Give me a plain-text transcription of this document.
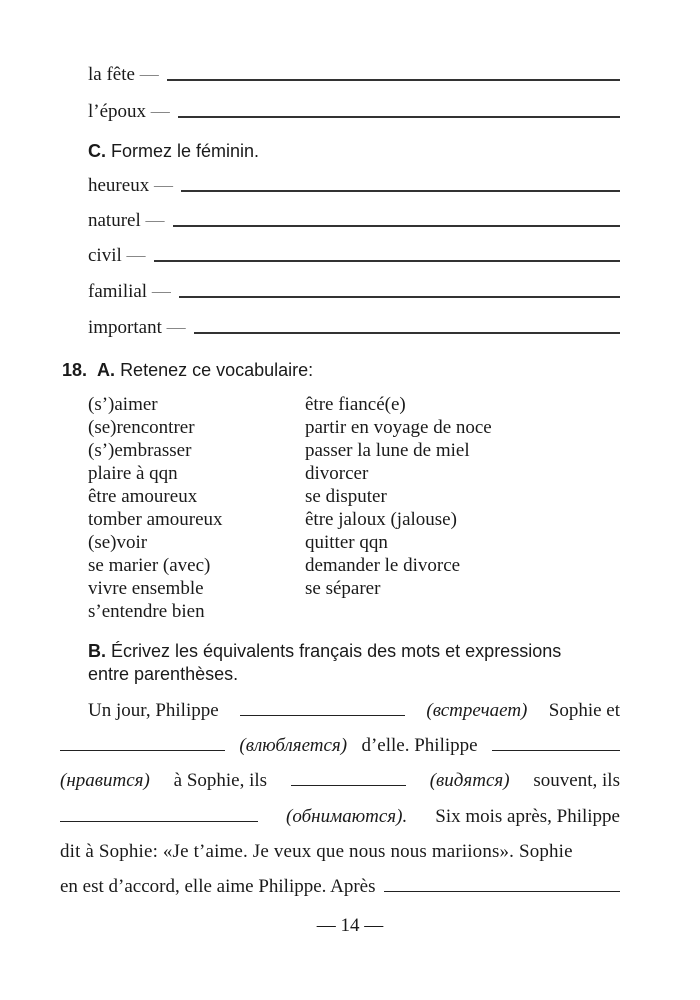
la fête —
l’époux —
C. Formez le féminin.
heureux —
naturel —
civil —
familial —
important —
18. A. Retenez ce vocabulaire:
(s’)aimer
(se)rencontrer
(s’)embrasser
plaire à qqn
être amoureux
tomber amoureux
(se)voir
se marier (avec)
vivre ensemble
s’entendre bien
être fiancé(e)
partir en voyage de noce
passer la lune de miel
divorcer
se disputer
être jaloux (jalouse)
quitter qqn
demander le divorce
se séparer
B. Écrivez les équivalents français des mots et expressions
entre parenthèses.
Un jour, Philippe	(встречает) Sophie et
(влюбляется) d’elle. Philippe
(нравится) à Sophie, ils	(видятся) souvent, ils
(обнимаются). Six mois après, Philippe
dit à Sophie: «Je t’aime. Je veux que nous nous mariions». Sophie
en est d’accord, elle aime Philippe. Après
— 14 —
